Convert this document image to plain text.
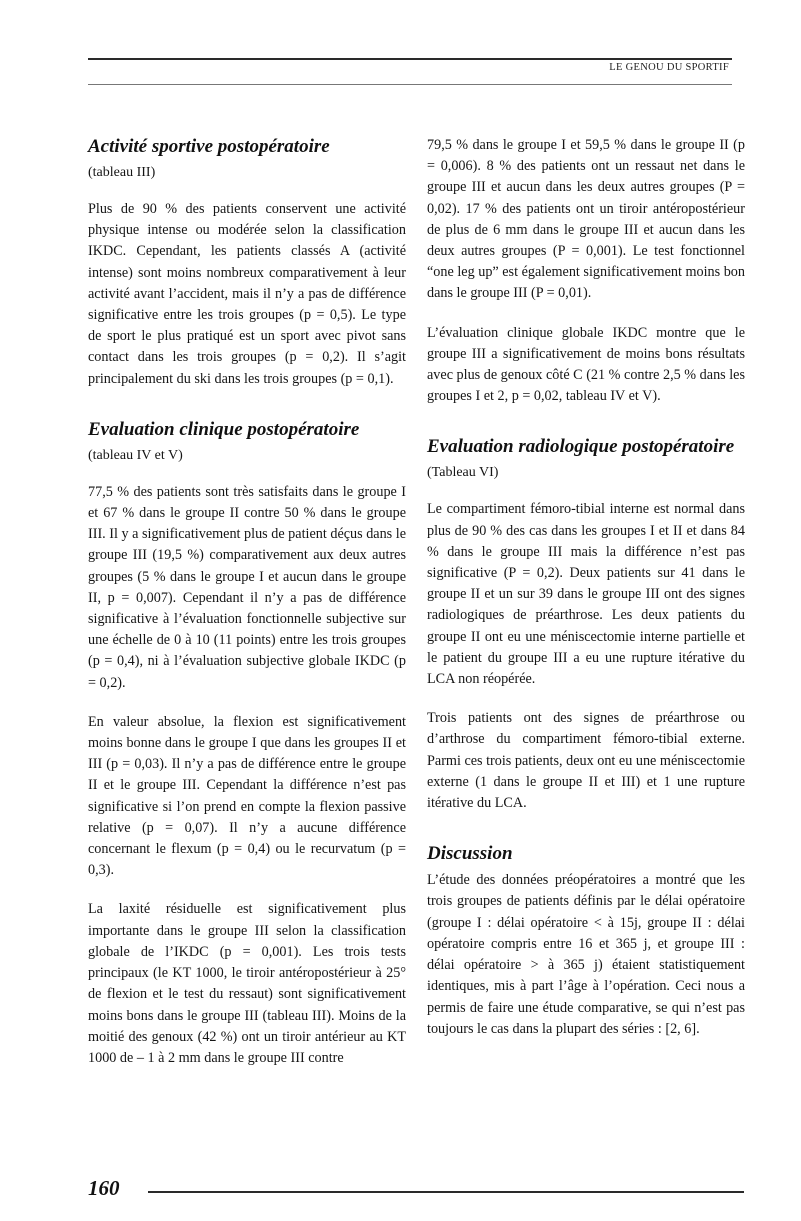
LE GENOU DU SPORTIF
Activité sportive postopératoire
(tableau III)

Plus de 90 % des patients conservent une activité physique intense ou modérée selon la classification IKDC. Cependant, les patients classés A (activité intense) sont moins nombreux comparativement à leur activité avant l’accident, mais il n’y a pas de différence significative entre les trois groupes (p = 0,5). Le type de sport le plus pratiqué est un sport avec pivot sans contact dans les trois groupes (p = 0,2). Il s’agit principalement du ski dans les trois groupes (p = 0,1).

Evaluation clinique postopératoire
(tableau IV et V)

77,5 % des patients sont très satisfaits dans le groupe I et 67 % dans le groupe II contre 50 % dans le groupe III. Il y a significativement plus de patient déçus dans le groupe III (19,5 %) comparativement aux deux autres groupes (5 % dans le groupe I et aucun dans le groupe II, p = 0,007). Cependant il n’y a pas de différence significative à l’évaluation fonctionnelle subjective sur une échelle de 0 à 10 (11 points) entre les trois groupes (p = 0,4), ni à l’évaluation subjective globale IKDC (p = 0,2).

En valeur absolue, la flexion est significativement moins bonne dans le groupe I que dans les groupes II et III (p = 0,03). Il n’y a pas de différence entre le groupe II et le groupe III. Cependant la différence n’est pas significative si l’on prend en compte la flexion passive relative (p = 0,07). Il n’y a aucune différence concernant le flexum (p = 0,4) ou le recurvatum (p = 0,3).

La laxité résiduelle est significativement plus importante dans le groupe III selon la classification globale de l’IKDC (p = 0,001). Les trois tests principaux (le KT 1000, le tiroir antéropostérieur à 25° de flexion et le test du ressaut) sont significativement moins bons dans le groupe III (tableau III). Moins de la moitié des genoux (42 %) ont un tiroir antérieur au KT 1000 de – 1 à 2 mm dans le groupe III contre

79,5 % dans le groupe I et 59,5 % dans le groupe II (p = 0,006). 8 % des patients ont un ressaut net dans le groupe III et aucun dans les deux autres groupes (P = 0,02). 17 % des patients ont un tiroir antéropostérieur de plus de 6 mm dans le groupe III et aucun dans les deux autres groupes (P = 0,001). Le test fonctionnel “one leg up” est également significativement moins bon dans le groupe III (P = 0,01).

L’évaluation clinique globale IKDC montre que le groupe III a significativement de moins bons résultats avec plus de genoux côté C (21 % contre 2,5 % dans les groupes I et 2, p = 0,02, tableau IV et V).

Evaluation radiologique postopératoire
(Tableau VI)

Le compartiment fémoro-tibial interne est normal dans plus de 90 % des cas dans les groupes I et II et dans 84 % dans le groupe III mais la différence n’est pas significative (P = 0,2). Deux patients sur 41 dans le groupe II et un sur 39 dans le groupe III ont des signes radiologiques de préarthrose. Les deux patients du groupe II ont eu une méniscectomie interne partielle et le patient du groupe III a eu une rupture itérative du LCA non réopérée.

Trois patients ont des signes de préarthrose ou d’arthrose du compartiment fémoro-tibial externe. Parmi ces trois patients, deux ont eu une méniscectomie externe (1 dans le groupe II et III) et 1 une rupture itérative du LCA.

Discussion

L’étude des données préopératoires a montré que les trois groupes de patients définis par le délai opératoire (groupe I : délai opératoire < à 15j, groupe II : délai opératoire compris entre 16 et 365 j, et groupe III : délai opératoire > à 365 j) étaient statistiquement identiques, mis à part l’âge à l’opération. Ceci nous a permis de faire une étude comparative, se qui n’est pas toujours le cas dans la plupart des séries : [2, 6].

160
